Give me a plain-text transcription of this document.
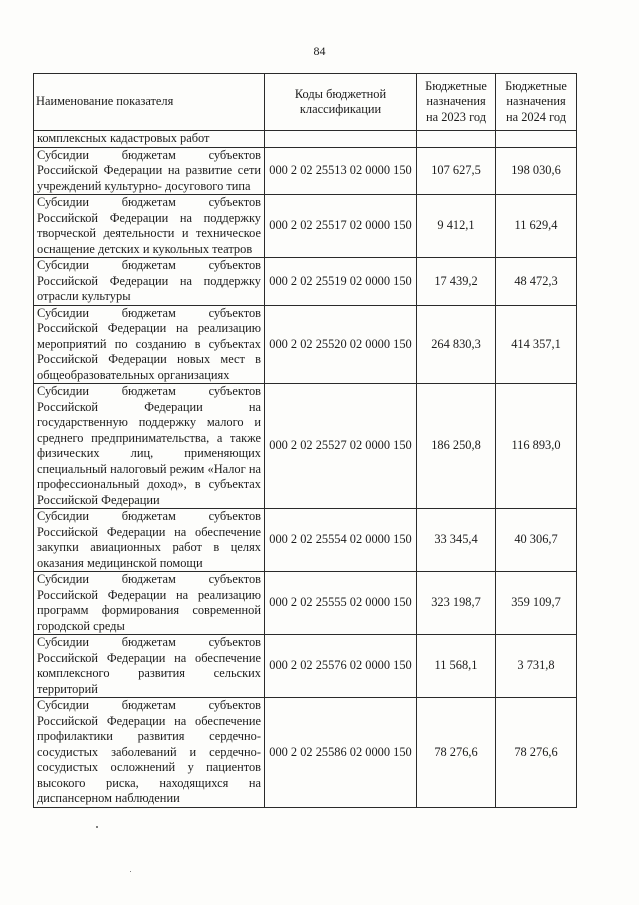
84
Наименование показателя	Коды бюджетной классификации	Бюджетные назначения на 2023 год	Бюджетные назначения на 2024 год
комплексных кадастровых работ			
Субсидии бюджетам субъектов Российской Федерации на развитие сети учреждений культурно- досугового типа	000 2 02 25513 02 0000 150	107 627,5	198 030,6
Субсидии бюджетам субъектов Российской Федерации на поддержку творческой деятельности и техническое оснащение детских и кукольных театров	000 2 02 25517 02 0000 150	9 412,1	11 629,4
Субсидии бюджетам субъектов Российской Федерации на поддержку отрасли культуры	000 2 02 25519 02 0000 150	17 439,2	48 472,3
Субсидии бюджетам субъектов Российской Федерации на реализацию мероприятий по созданию в субъектах Российской Федерации новых мест в общеобразовательных организациях	000 2 02 25520 02 0000 150	264 830,3	414 357,1
Субсидии бюджетам субъектов Российской Федерации на государственную поддержку малого и среднего предпринимательства, а также физических лиц, применяющих специальный налоговый режим «Налог на профессиональный доход», в субъектах Российской Федерации	000 2 02 25527 02 0000 150	186 250,8	116 893,0
Субсидии бюджетам субъектов Российской Федерации на обеспечение закупки авиационных работ в целях оказания медицинской помощи	000 2 02 25554 02 0000 150	33 345,4	40 306,7
Субсидии бюджетам субъектов Российской Федерации на реализацию программ формирования современной городской среды	000 2 02 25555 02 0000 150	323 198,7	359 109,7
Субсидии бюджетам субъектов Российской Федерации на обеспечение комплексного развития сельских территорий	000 2 02 25576 02 0000 150	11 568,1	3 731,8
Субсидии бюджетам субъектов Российской Федерации на обеспечение профилактики развития сердечно-сосудистых заболеваний и сердечно-сосудистых осложнений у пациентов высокого риска, находящихся на диспансерном наблюдении	000 2 02 25586 02 0000 150	78 276,6	78 276,6
